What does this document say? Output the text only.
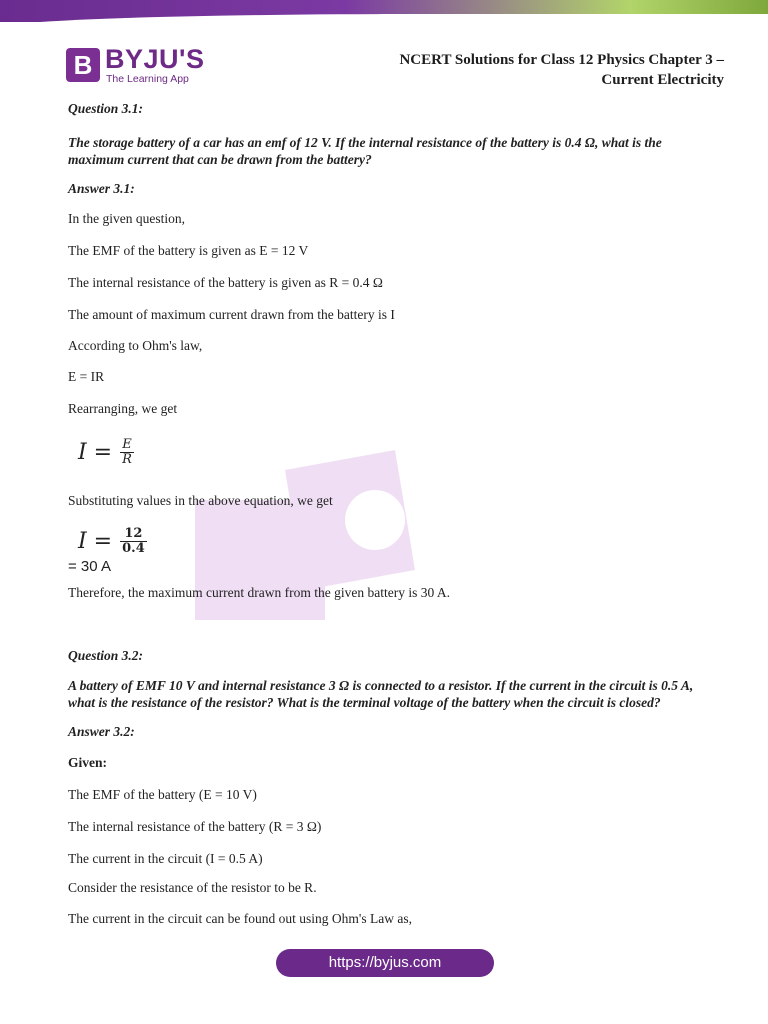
B BYJU'S
The Learning App
NCERT Solutions for Class 12 Physics Chapter 3 –
Current Electricity
Question 3.1:
The storage battery of a car has an emf of 12 V. If the internal resistance of the battery is 0.4 Ω, what is the maximum current that can be drawn from the battery?
Answer 3.1:
In the given question,
The EMF of the battery is given as E = 12 V
The internal resistance of the battery is given as R = 0.4 Ω
The amount of maximum current drawn from the battery is I
According to Ohm's law,
E = IR
Rearranging, we get
$I = \frac{E}{R}$
Substituting values in the above equation, we get
$I = \frac{12}{0.4}$
= 30 A
Therefore, the maximum current drawn from the given battery is 30 A.
Question 3.2:
A battery of EMF 10 V and internal resistance 3 Ω is connected to a resistor. If the current in the circuit is 0.5 A, what is the resistance of the resistor? What is the terminal voltage of the battery when the circuit is closed?
Answer 3.2:
Given:
The EMF of the battery (E = 10 V)
The internal resistance of the battery (R = 3 Ω)
The current in the circuit (I = 0.5 A)
Consider the resistance of the resistor to be R.
The current in the circuit can be found out using Ohm's Law as,
https://byjus.com
